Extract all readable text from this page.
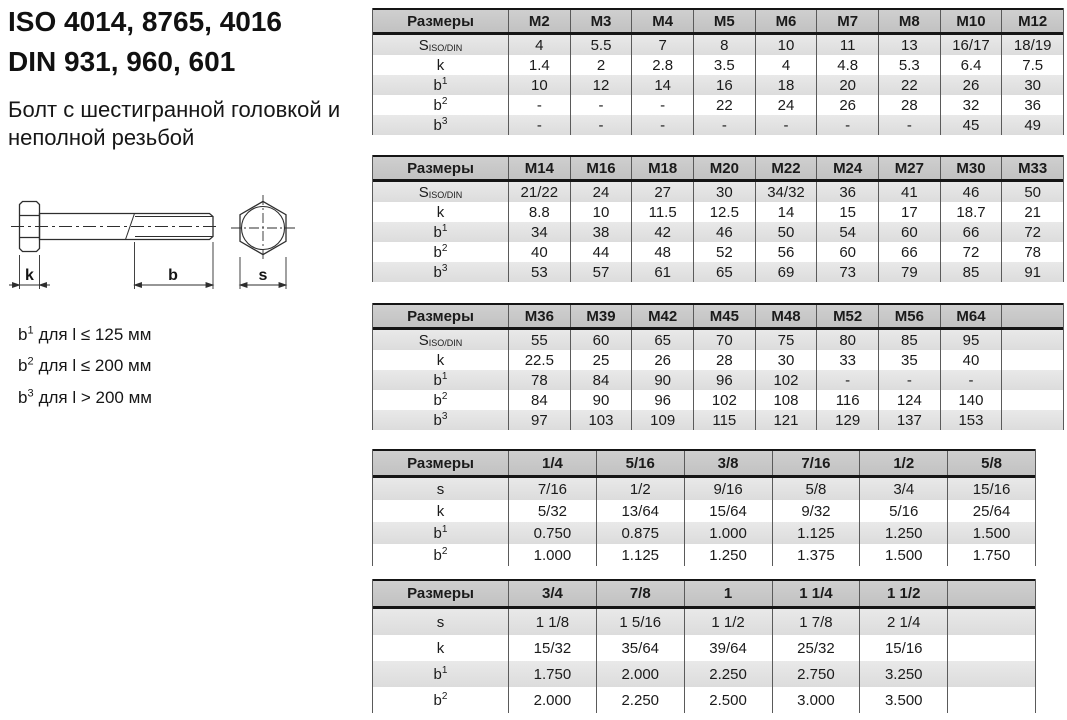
ISO 4014, 8765, 4016
DIN 931, 960, 601
Болт с шестигранной головкой и неполной резьбой
k	b	s
$b^1$ для l ≤ 125 мм
$b^2$ для l ≤ 200 мм
$b^3$ для l > 200 мм
Размеры	M2	M3	M4	M5	M6	M7	M8	M10	M12
$S_{ISO/DIN}$	4	5.5	7	8	10	11	13	16/17	18/19
k	1.4	2	2.8	3.5	4	4.8	5.3	6.4	7.5
$b^1$	10	12	14	16	18	20	22	26	30
$b^2$	-	-	-	22	24	26	28	32	36
$b^3$	-	-	-	-	-	-	-	45	49
Размеры	M14	M16	M18	M20	M22	M24	M27	M30	M33
$S_{ISO/DIN}$	21/22	24	27	30	34/32	36	41	46	50
k	8.8	10	11.5	12.5	14	15	17	18.7	21
$b^1$	34	38	42	46	50	54	60	66	72
$b^2$	40	44	48	52	56	60	66	72	78
$b^3$	53	57	61	65	69	73	79	85	91
Размеры	M36	M39	M42	M45	M48	M52	M56	M64
$S_{ISO/DIN}$	55	60	65	70	75	80	85	95
k	22.5	25	26	28	30	33	35	40
$b^1$	78	84	90	96	102	-	-	-
$b^2$	84	90	96	102	108	116	124	140
$b^3$	97	103	109	115	121	129	137	153
Размеры	1/4	5/16	3/8	7/16	1/2	5/8
s	7/16	1/2	9/16	5/8	3/4	15/16
k	5/32	13/64	15/64	9/32	5/16	25/64
$b^1$	0.750	0.875	1.000	1.125	1.250	1.500
$b^2$	1.000	1.125	1.250	1.375	1.500	1.750
Размеры	3/4	7/8	1	1 1/4	1 1/2
s	1 1/8	1 5/16	1 1/2	1 7/8	2 1/4
k	15/32	35/64	39/64	25/32	15/16
$b^1$	1.750	2.000	2.250	2.750	3.250
$b^2$	2.000	2.250	2.500	3.000	3.500
